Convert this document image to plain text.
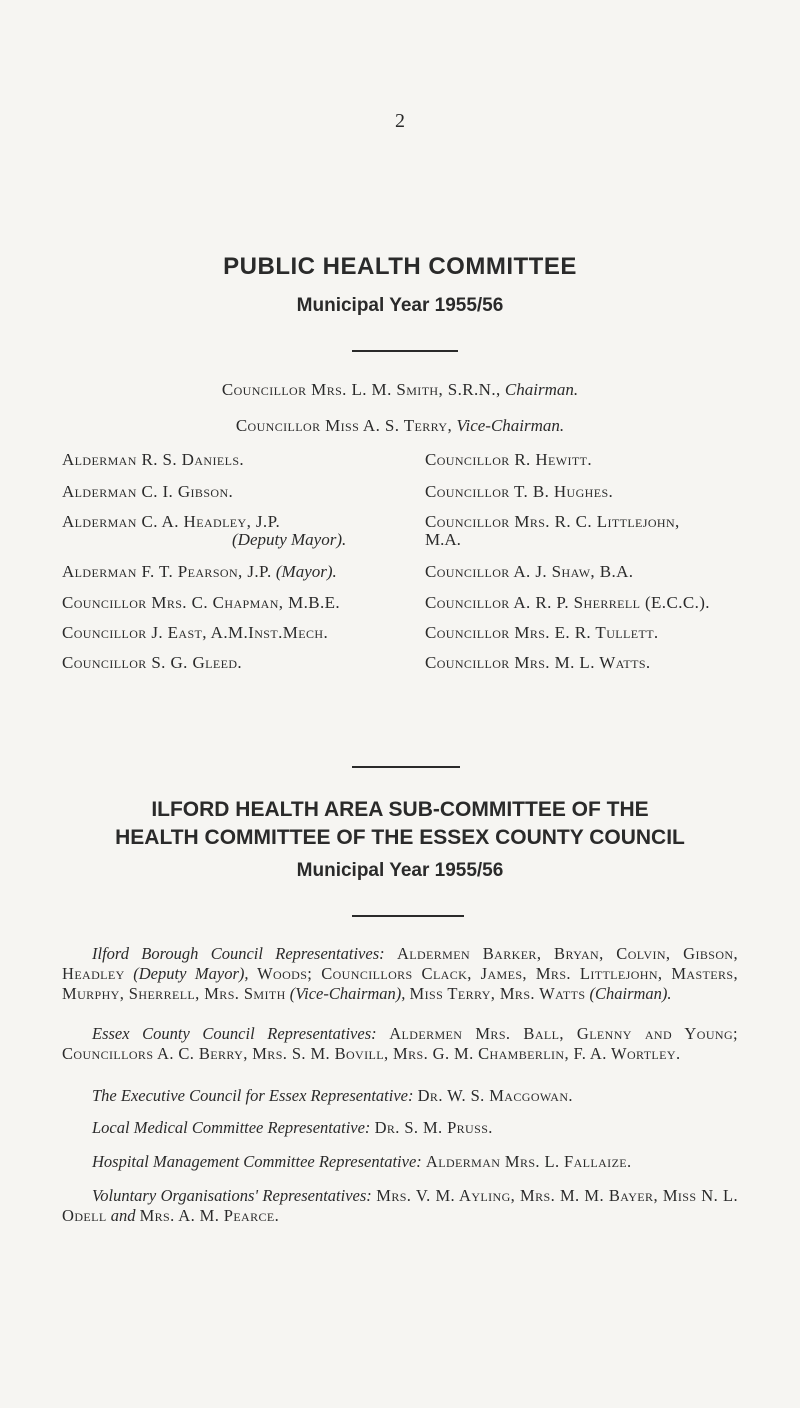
2
PUBLIC HEALTH COMMITTEE
Municipal Year 1955/56
Councillor Mrs. L. M. Smith, S.R.N., Chairman.
Councillor Miss A. S. Terry, Vice-Chairman.
Alderman R. S. Daniels.
Alderman C. I. Gibson.
Alderman C. A. Headley, J.P.
(Deputy Mayor).
Alderman F. T. Pearson, J.P. (Mayor).
Councillor Mrs. C. Chapman, M.B.E.
Councillor J. East, A.M.Inst.Mech.
Councillor S. G. Gleed.
Councillor R. Hewitt.
Councillor T. B. Hughes.
Councillor Mrs. R. C. Littlejohn,
M.A.
Councillor A. J. Shaw, B.A.
Councillor A. R. P. Sherrell (E.C.C.).
Councillor Mrs. E. R. Tullett.
Councillor Mrs. M. L. Watts.
ILFORD HEALTH AREA SUB-COMMITTEE OF THE
HEALTH COMMITTEE OF THE ESSEX COUNTY COUNCIL
Municipal Year 1955/56
Ilford Borough Council Representatives: Aldermen Barker, Bryan, Colvin, Gibson, Headley (Deputy Mayor), Woods; Councillors Clack, James, Mrs. Littlejohn, Masters, Murphy, Sherrell, Mrs. Smith (Vice-Chairman), Miss Terry, Mrs. Watts (Chairman).
Essex County Council Representatives: Aldermen Mrs. Ball, Glenny and Young; Councillors A. C. Berry, Mrs. S. M. Bovill, Mrs. G. M. Chamberlin, F. A. Wortley.
The Executive Council for Essex Representative: Dr. W. S. Macgowan.
Local Medical Committee Representative: Dr. S. M. Pruss.
Hospital Management Committee Representative: Alderman Mrs. L. Fallaize.
Voluntary Organisations' Representatives: Mrs. V. M. Ayling, Mrs. M. M. Bayer, Miss N. L. Odell and Mrs. A. M. Pearce.
